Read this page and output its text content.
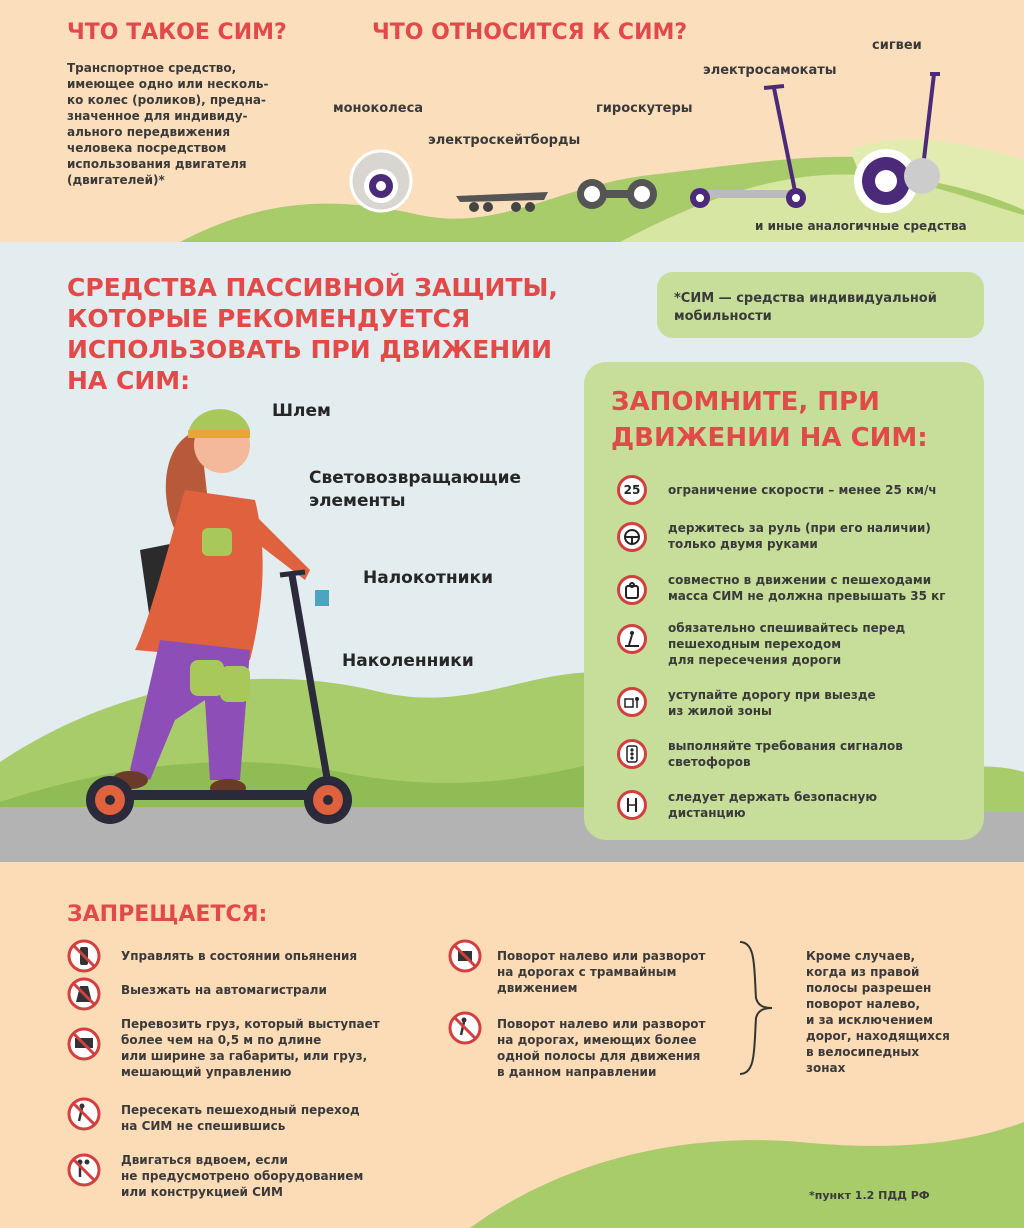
ЧТО ТАКОЕ СИМ?
Транспортное средство,
имеющее одно или несколь-
ко колес (роликов), предна-
значенное для индивиду-
ального передвижения
человека посредством
использования двигателя
(двигателей)*
ЧТО ОТНОСИТСЯ К СИМ?
моноколеса
электроскейтборды
гироскутеры
электросамокаты
сигвеи
и иные аналогичные средства
СРЕДСТВА ПАССИВНОЙ ЗАЩИТЫ,
КОТОРЫЕ РЕКОМЕНДУЕТСЯ
ИСПОЛЬЗОВАТЬ ПРИ ДВИЖЕНИИ
НА СИМ:
Шлем
Световозвращающие
элементы
Налокотники
Наколенники
*СИМ — средства индивидуальной
мобильности
ЗАПОМНИТЕ, ПРИ
ДВИЖЕНИИ НА СИМ:
25	ограничение скорости – менее 25 км/ч
держитесь за руль (при его наличии)
только двумя руками
совместно в движении с пешеходами
масса СИМ не должна превышать 35 кг
обязательно спешивайтесь перед
пешеходным переходом
для пересечения дороги
уступайте дорогу при выезде
из жилой зоны
выполняйте требования сигналов
светофоров
следует держать безопасную
дистанцию
ЗАПРЕЩАЕТСЯ:
Управлять в состоянии опьянения
Выезжать на автомагистрали
Перевозить груз, который выступает
более чем на 0,5 м по длине
или ширине за габариты, или груз,
мешающий управлению
Пересекать пешеходный переход
на СИМ не спешившись
Двигаться вдвоем, если
не предусмотрено оборудованием
или конструкцией СИМ
Поворот налево или разворот
на дорогах с трамвайным
движением
Поворот налево или разворот
на дорогах, имеющих более
одной полосы для движения
в данном направлении
Кроме случаев,
когда из правой
полосы разрешен
поворот налево,
и за исключением
дорог, находящихся
в велосипедных
зонах
*пункт 1.2 ПДД РФ
